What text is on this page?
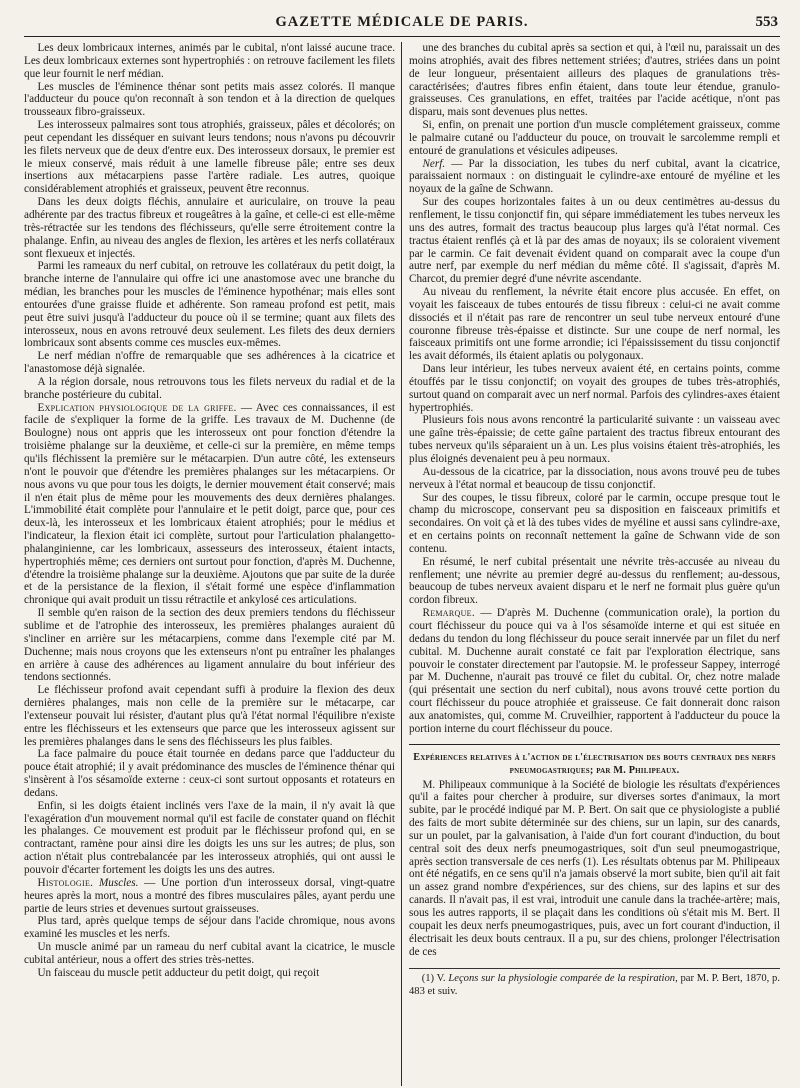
GAZETTE MÉDICALE DE PARIS.	553

Les deux lombricaux internes, animés par le cubital, n'ont laissé aucune trace. Les deux lombricaux externes sont hypertrophiés : on retrouve facilement les filets que leur fournit le nerf médian.

Les muscles de l'éminence thénar sont petits mais assez colorés. Il manque l'adducteur du pouce qu'on reconnaît à son tendon et à la direction de quelques trousseaux fibro-graisseux.

Les interosseux palmaires sont tous atrophiés, graisseux, pâles et décolorés; on peut cependant les disséquer en suivant leurs tendons; nous n'avons pu découvrir les filets nerveux que de deux d'entre eux. Des interosseux dorsaux, le premier est le mieux conservé, mais réduit à une lamelle fibreuse pâle; entre ses deux insertions aux métacarpiens passe l'artère radiale. Les autres, quoique considérablement atrophiés et graisseux, peuvent être reconnus.

Dans les deux doigts fléchis, annulaire et auriculaire, on trouve la peau adhérente par des tractus fibreux et rougeâtres à la gaîne, et celle-ci est elle-même très-rétractée sur les tendons des fléchisseurs, qu'elle serre étroitement contre la phalange. Enfin, au niveau des angles de flexion, les artères et les nerfs collatéraux sont flexueux et injectés.

Parmi les rameaux du nerf cubital, on retrouve les collatéraux du petit doigt, la branche interne de l'annulaire qui offre ici une anastomose avec une branche du médian, les branches pour les muscles de l'éminence hypothénar; mais elles sont entourées d'une graisse fluide et adhérente. Son rameau profond est petit, mais peut être suivi jusqu'à l'adducteur du pouce où il se termine; quant aux filets des interosseux, nous en avons retrouvé deux seulement. Les filets des deux derniers lombricaux sont absents comme ces muscles eux-mêmes.

Le nerf médian n'offre de remarquable que ses adhérences à la cicatrice et l'anastomose déjà signalée.

A la région dorsale, nous retrouvons tous les filets nerveux du radial et de la branche postérieure du cubital.

Explication physiologique de la griffe. — Avec ces connaissances, il est facile de s'expliquer la forme de la griffe. Les travaux de M. Duchenne (de Boulogne) nous ont appris que les interosseux ont pour fonction d'étendre la troisième phalange sur la deuxième, et celle-ci sur la première, en même temps qu'ils fléchissent la première sur le métacarpien. D'un autre côté, les extenseurs n'ont le pouvoir que d'étendre les premières phalanges sur les métacarpiens. Or nous avons vu que pour tous les doigts, le dernier mouvement était conservé; mais il n'en était plus de même pour les mouvements des deux dernières phalanges. L'immobilité était complète pour l'annulaire et le petit doigt, parce que, pour ces deux-là, les interosseux et les lombricaux étaient atrophiés; pour le médius et l'indicateur, la flexion était ici complète, surtout pour l'articulation phalangetto-phalanginienne, car les lombricaux, assesseurs des interosseux, étaient intacts, hypertrophiés même; ces derniers ont surtout pour fonction, d'après M. Duchenne, d'étendre la troisième phalange sur la deuxième. Ajoutons que par suite de la durée et de la persistance de la flexion, il s'était formé une espèce d'inflammation chronique qui avait produit un tissu rétractile et ankylosé ces articulations.

Il semble qu'en raison de la section des deux premiers tendons du fléchisseur sublime et de l'atrophie des interosseux, les premières phalanges auraient dû s'incliner en arrière sur les métacarpiens, comme dans l'exemple cité par M. Duchenne; mais nous croyons que les extenseurs n'ont pu entraîner les phalanges en arrière à cause des adhérences au ligament annulaire du bout inférieur des tendons sectionnés.

Le fléchisseur profond avait cependant suffi à produire la flexion des deux dernières phalanges, mais non celle de la première sur le métacarpe, car l'extenseur pouvait lui résister, d'autant plus qu'à l'état normal l'équilibre n'existe entre les fléchisseurs et les extenseurs que parce que les interosseux agissent sur les premières phalanges dans le sens des fléchisseurs les plus faibles.

La face palmaire du pouce était tournée en dedans parce que l'adducteur du pouce était atrophié; il y avait prédominance des muscles de l'éminence thénar qui s'insèrent à l'os sésamoïde externe : ceux-ci sont surtout opposants et rotateurs en dedans.

Enfin, si les doigts étaient inclinés vers l'axe de la main, il n'y avait là que l'exagération d'un mouvement normal qu'il est facile de constater quand on fléchit les phalanges. Ce mouvement est produit par le fléchisseur profond qui, en se contractant, ramène pour ainsi dire les doigts les uns sur les autres; de plus, son action n'était plus contrebalancée par les interosseux atrophiés, qui ont aussi le pouvoir d'écarter fortement les doigts les uns des autres.

Histologie. Muscles. — Une portion d'un interosseux dorsal, vingt-quatre heures après la mort, nous a montré des fibres musculaires pâles, ayant perdu une partie de leurs stries et devenues surtout graisseuses.

Plus tard, après quelque temps de séjour dans l'acide chromique, nous avons examiné les muscles et les nerfs.

Un muscle animé par un rameau du nerf cubital avant la cicatrice, le muscle cubital antérieur, nous a offert des stries très-nettes.

Un faisceau du muscle petit adducteur du petit doigt, qui reçoit

une des branches du cubital après sa section et qui, à l'œil nu, paraissait un des moins atrophiés, avait des fibres nettement striées; d'autres, striées dans un point de leur longueur, présentaient ailleurs des plaques de granulations très-caractérisées; d'autres fibres enfin étaient, dans toute leur étendue, granulo-graisseuses. Ces granulations, en effet, traitées par l'acide acétique, n'ont pas disparu, mais sont devenues plus nettes.

Si, enfin, on prenait une portion d'un muscle complétement graisseux, comme le palmaire cutané ou l'adducteur du pouce, on trouvait le sarcolemme rempli et entouré de granulations et vésicules adipeuses.

Nerf. — Par la dissociation, les tubes du nerf cubital, avant la cicatrice, paraissaient normaux : on distinguait le cylindre-axe entouré de myéline et les noyaux de la gaîne de Schwann.

Sur des coupes horizontales faites à un ou deux centimètres au-dessus du renflement, le tissu conjonctif fin, qui sépare immédiatement les tubes nerveux les uns des autres, formait des tractus beaucoup plus larges qu'à l'état normal. Ces tractus étaient renflés çà et là par des amas de noyaux; ils se coloraient vivement par le carmin. Ce fait devenait évident quand on comparait avec la coupe d'un autre nerf, par exemple du nerf médian du même côté. Il s'agissait, d'après M. Charcot, du premier degré d'une névrite ascendante.

Au niveau du renflement, la névrite était encore plus accusée. En effet, on voyait les faisceaux de tubes entourés de tissu fibreux : celui-ci ne avait comme dissociés et il n'était pas rare de rencontrer un seul tube nerveux entouré d'une couronne fibreuse très-épaisse et distincte. Sur une coupe de nerf normal, les faisceaux primitifs ont une forme arrondie; ici l'épaississement du tissu conjonctif les avait déformés, ils étaient aplatis ou polygonaux.

Dans leur intérieur, les tubes nerveux avaient été, en certains points, comme étouffés par le tissu conjonctif; on voyait des groupes de tubes très-atrophiés, surtout quand on comparait avec un nerf normal. Parfois des cylindres-axes étaient hypertrophiés.

Plusieurs fois nous avons rencontré la particularité suivante : un vaisseau avec une gaîne très-épaissie; de cette gaîne partaient des tractus fibreux entourant des tubes nerveux qu'ils séparaient un à un. Les plus voisins étaient très-atrophiés, les plus éloignés devenaient peu à peu normaux.

Au-dessous de la cicatrice, par la dissociation, nous avons trouvé peu de tubes nerveux à l'état normal et beaucoup de tissu conjonctif.

Sur des coupes, le tissu fibreux, coloré par le carmin, occupe presque tout le champ du microscope, conservant peu sa disposition en faisceaux primitifs et secondaires. On voit çà et là des tubes vides de myéline et aussi sans cylindre-axe, et en certains points on reconnaît nettement la gaîne de Schwann vide de son contenu.

En résumé, le nerf cubital présentait une névrite très-accusée au niveau du renflement; une névrite au premier degré au-dessus du renflement; au-dessous, beaucoup de tubes nerveux avaient disparu et le nerf ne formait plus guère qu'un cordon fibreux.

Remarque. — D'après M. Duchenne (communication orale), la portion du court fléchisseur du pouce qui va à l'os sésamoïde interne et qui est située en dedans du tendon du long fléchisseur du pouce serait innervée par un filet du nerf cubital. M. Duchenne aurait constaté ce fait par l'exploration électrique, sans pouvoir le constater directement par l'autopsie. M. le professeur Sappey, interrogé par M. Duchenne, n'aurait pas trouvé ce filet du cubital. Or, chez notre malade (qui présentait une section du nerf cubital), nous avons trouvé cette portion du court fléchisseur du pouce atrophiée et graisseuse. Ce fait donnerait donc raison aux anatomistes, qui, comme M. Cruveilhier, rapportent à l'adducteur du pouce la portion interne du court fléchisseur du pouce.

Expériences relatives à l'action de l'électrisation des bouts centraux des nerfs pneumogastriques; par M. Philipeaux.

M. Philipeaux communique à la Société de biologie les résultats d'expériences qu'il a faites pour chercher à produire, sur diverses sortes d'animaux, la mort subite, par le procédé indiqué par M. P. Bert. On sait que ce physiologiste a publié des faits de mort subite déterminée sur des chiens, sur un lapin, sur des canards, sur un poulet, par la galvanisation, à l'aide d'un fort courant d'induction, du bout central soit des deux nerfs pneumogastriques, soit d'un seul pneumogastrique, après section transversale de ces nerfs (1). Les résultats obtenus par M. Philipeaux ont été négatifs, en ce sens qu'il n'a jamais observé la mort subite, bien qu'il ait fait un assez grand nombre d'expériences, sur des chiens, sur des lapins et sur des canards. Il n'avait pas, il est vrai, introduit une canule dans la trachée-artère; mais, sous les autres rapports, il se plaçait dans les conditions où s'était mis M. Bert. Il coupait les deux nerfs pneumogastriques, puis, avec un fort courant d'induction, il électrisait les deux bouts centraux. Il a pu, sur des chiens, prolonger l'électrisation de ces

(1) V. Leçons sur la physiologie comparée de la respiration, par M. P. Bert, 1870, p. 483 et suiv.
